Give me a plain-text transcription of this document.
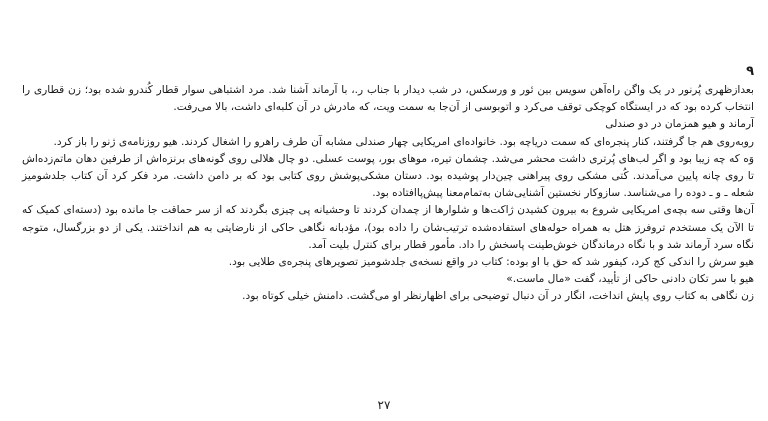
۹

بعدازظهری پُرنور در یک واگن راه‌آهن سویس بین ئور و ورسکس، در شب دیدار با جناب ر.، با آرماند آشنا شد. مرد اشتباهی سوار قطار کُندرو شده بود؛ زن قطاری را انتخاب کرده بود که در ایستگاه کوچکی توقف می‌کرد و اتوبوسی از آن‌جا به سمت ویت، که مادرش در آن کلبه‌ای داشت، بالا می‌رفت.

آرماند و هیو همزمان در دو صندلی

روبه‌روی هم جا گرفتند، کنار پنجره‌ای که سمت دریاچه بود. خانواده‌ای امریکایی چهار صندلی مشابه آن طرف راهرو را اشغال کردند. هیو روزنامه‌ی ژنو را باز کرد.

وَه که چه زیبا بود و اگر لب‌های پُرتری داشت محشر می‌شد. چشمان تیره، موهای بور، پوست عسلی. دو چال هلالی روی گونه‌های برنزه‌اش از طرفین دهان ماتم‌زده‌اش تا روی چانه پایین می‌آمدند. کُتی مشکی روی پیراهنی چین‌دار پوشیده بود. دستان مشکی‌پوشش روی کتابی بود که بر دامن داشت. مرد فکر کرد آن کتاب جلدشومیز شعله ـ و ـ دوده را می‌شناسد. سازوکار نخستین آشنایی‌شان به‌تمام‌معنا پیش‌پاافتاده بود.

آن‌ها وقتی سه بچه‌ی امریکایی شروع به بیرون کشیدن ژاکت‌ها و شلوارها از چمدان کردند تا وحشیانه پی چیزی بگردند که از سر حماقت جا مانده بود (دسته‌ای کمیک که تا الآن یک مستخدم تروفرز هتل به همراه حوله‌های استفاده‌شده ترتیب‌شان را داده بود)، مؤدبانه نگاهی حاکی از نارضایتی به هم انداختند. یکی از دو بزرگسال، متوجه نگاه سرد آرماند شد و با نگاه درماندگان خوش‌طینت پاسخش را داد. مأمور قطار برای کنترل بلیت آمد.

هیو سرش را اندکی کج کرد، کیفور شد که حق با او بوده: کتاب در واقع نسخه‌ی جلدشومیز تصویرهای پنجره‌ی طلایی بود.

هیو با سر تکان دادنی حاکی از تأیید، گفت «مال ماست.»

زن نگاهی به کتاب روی پایش انداخت، انگار در آن دنبال توضیحی برای اظهارنظر او می‌گشت. دامنش خیلی کوتاه بود.

۲۷
